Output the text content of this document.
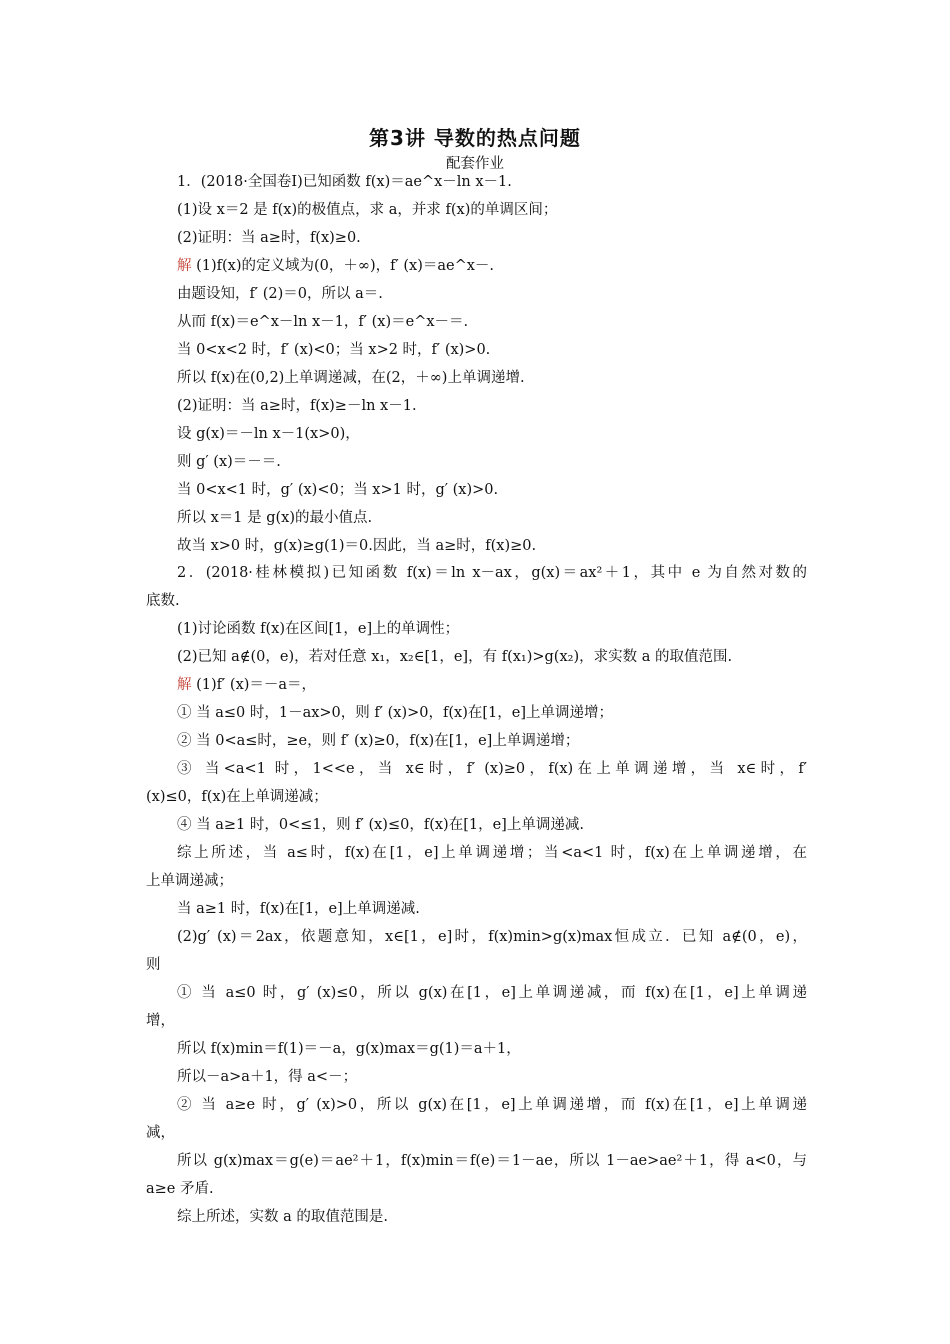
第3讲 导数的热点问题
配套作业
1．(2018·全国卷Ⅰ)已知函数 f(x)＝ae^x－ln x－1.
(1)设 x＝2 是 f(x)的极值点，求 a，并求 f(x)的单调区间；
(2)证明：当 a≥时，f(x)≥0.
解 (1)f(x)的定义域为(0，＋∞)，f′ (x)＝ae^x－.
由题设知，f′ (2)＝0，所以 a＝.
从而 f(x)＝e^x－ln x－1，f′ (x)＝e^x－＝.
当 0<x<2 时，f′ (x)<0；当 x>2 时，f′ (x)>0.
所以 f(x)在(0,2)上单调递减，在(2，＋∞)上单调递增.
(2)证明：当 a≥时，f(x)≥－ln x－1.
设 g(x)＝－ln x－1(x>0)，
则 g′ (x)＝－＝.
当 0<x<1 时，g′ (x)<0；当 x>1 时，g′ (x)>0.
所以 x＝1 是 g(x)的最小值点.
故当 x>0 时，g(x)≥g(1)＝0.因此，当 a≥时，f(x)≥0.
2．(2018·桂林模拟)已知函数 f(x)＝ln x－ax，g(x)＝ax²＋1，其中 e 为自然对数的
底数.
(1)讨论函数 f(x)在区间[1，e]上的单调性；
(2)已知 a∉(0，e)，若对任意 x₁，x₂∈[1，e]，有 f(x₁)>g(x₂)，求实数 a 的取值范围.
解 (1)f′ (x)＝－a＝，
① 当 a≤0 时，1－ax>0，则 f′ (x)>0，f(x)在[1，e]上单调递增；
② 当 0<a≤时，≥e，则 f′ (x)≥0，f(x)在[1，e]上单调递增；
③ 当<a<1 时，1<<e，当 x∈时，f′ (x)≥0，f(x)在上单调递增，当 x∈时，f′
(x)≤0，f(x)在上单调递减；
④ 当 a≥1 时，0<≤1，则 f′ (x)≤0，f(x)在[1，e]上单调递减.
综上所述，当 a≤时，f(x)在[1，e]上单调递增；当<a<1 时，f(x)在上单调递增，在
上单调递减；
当 a≥1 时，f(x)在[1，e]上单调递减.
(2)g′ (x)＝2ax，依题意知，x∈[1，e]时，f(x)min>g(x)max恒成立．已知 a∉(0，e)，
则
① 当 a≤0 时，g′ (x)≤0，所以 g(x)在[1，e]上单调递减，而 f(x)在[1，e]上单调递
增，
所以 f(x)min＝f(1)＝－a，g(x)max＝g(1)＝a＋1，
所以－a>a＋1，得 a<－；
② 当 a≥e 时，g′ (x)>0，所以 g(x)在[1，e]上单调递增，而 f(x)在[1，e]上单调递
减，
所以 g(x)max＝g(e)＝ae²＋1，f(x)min＝f(e)＝1－ae，所以 1－ae>ae²＋1，得 a<0，与
a≥e 矛盾.
综上所述，实数 a 的取值范围是.
